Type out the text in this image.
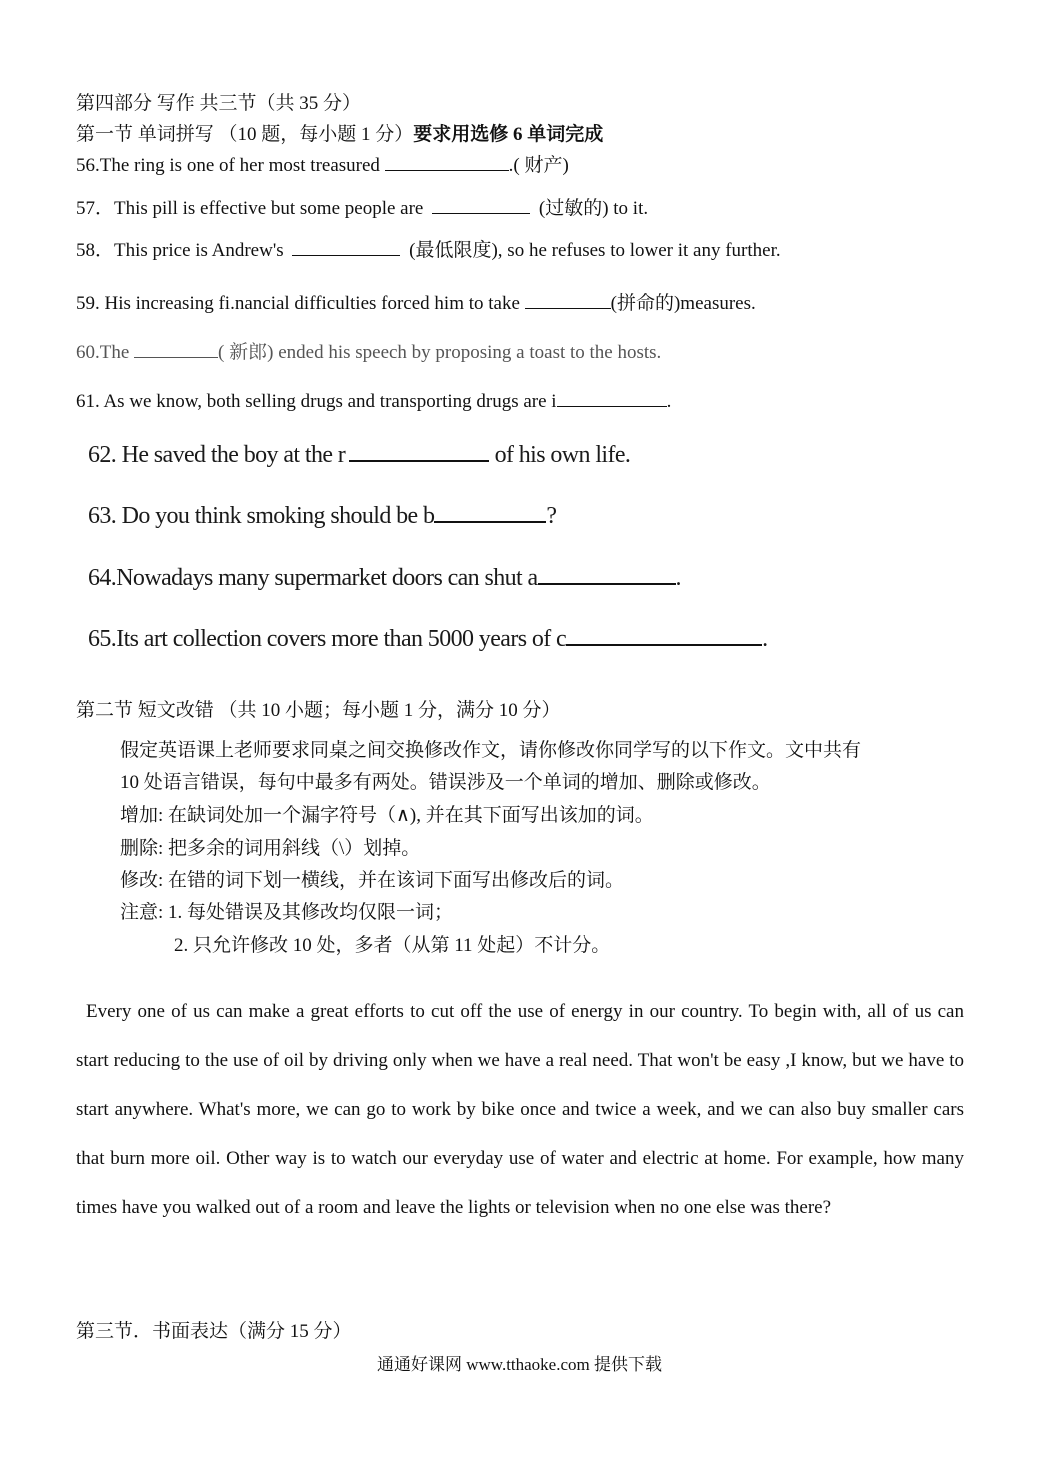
第四部分 写作 共三节（共 35 分）
第一节 单词拼写 （10 题，每小题 1 分）要求用选修 6 单词完成
56.The ring is one of her most treasured	.( 财产)
57．This pill is effective but some people are	(过敏的) to it.
58．This price is Andrew's	(最低限度), so he refuses to lower it any further.
59. His increasing fi.nancial difficulties forced him to take	(拼命的)measures.
60.The	( 新郎) ended his speech by proposing a toast to the hosts.
61. As we know, both selling drugs and transporting drugs are i	.
62. He saved the boy at the r	of his own life.
63. Do you think smoking should be b	?
64.Nowadays many supermarket doors can shut a	.
65.Its art collection covers more than 5000 years of c	.
第二节 短文改错 （共 10 小题；每小题 1 分，满分 10 分）
假定英语课上老师要求同桌之间交换修改作文，请你修改你同学写的以下作文。文中共有
10 处语言错误，每句中最多有两处。错误涉及一个单词的增加、删除或修改。
增加: 在缺词处加一个漏字符号（∧), 并在其下面写出该加的词。
删除: 把多余的词用斜线（\）划掉。
修改: 在错的词下划一横线，并在该词下面写出修改后的词。
注意: 1. 每处错误及其修改均仅限一词；
2. 只允许修改 10 处，多者（从第 11 处起）不计分。
Every one of us can make a great efforts to cut off the use of energy in our country. To begin with, all of us can start reducing to the use of oil by driving only when we have a real need. That won't be easy ,I know, but we have to start anywhere. What's more, we can go to work by bike once and twice a week, and we can also buy smaller cars that burn more oil. Other way is to watch our everyday use of water and electric at home. For example, how many times have you walked out of a room and leave the lights or television when no one else was there?
第三节．书面表达（满分 15 分）
通通好课网 www.tthaoke.com 提供下载
